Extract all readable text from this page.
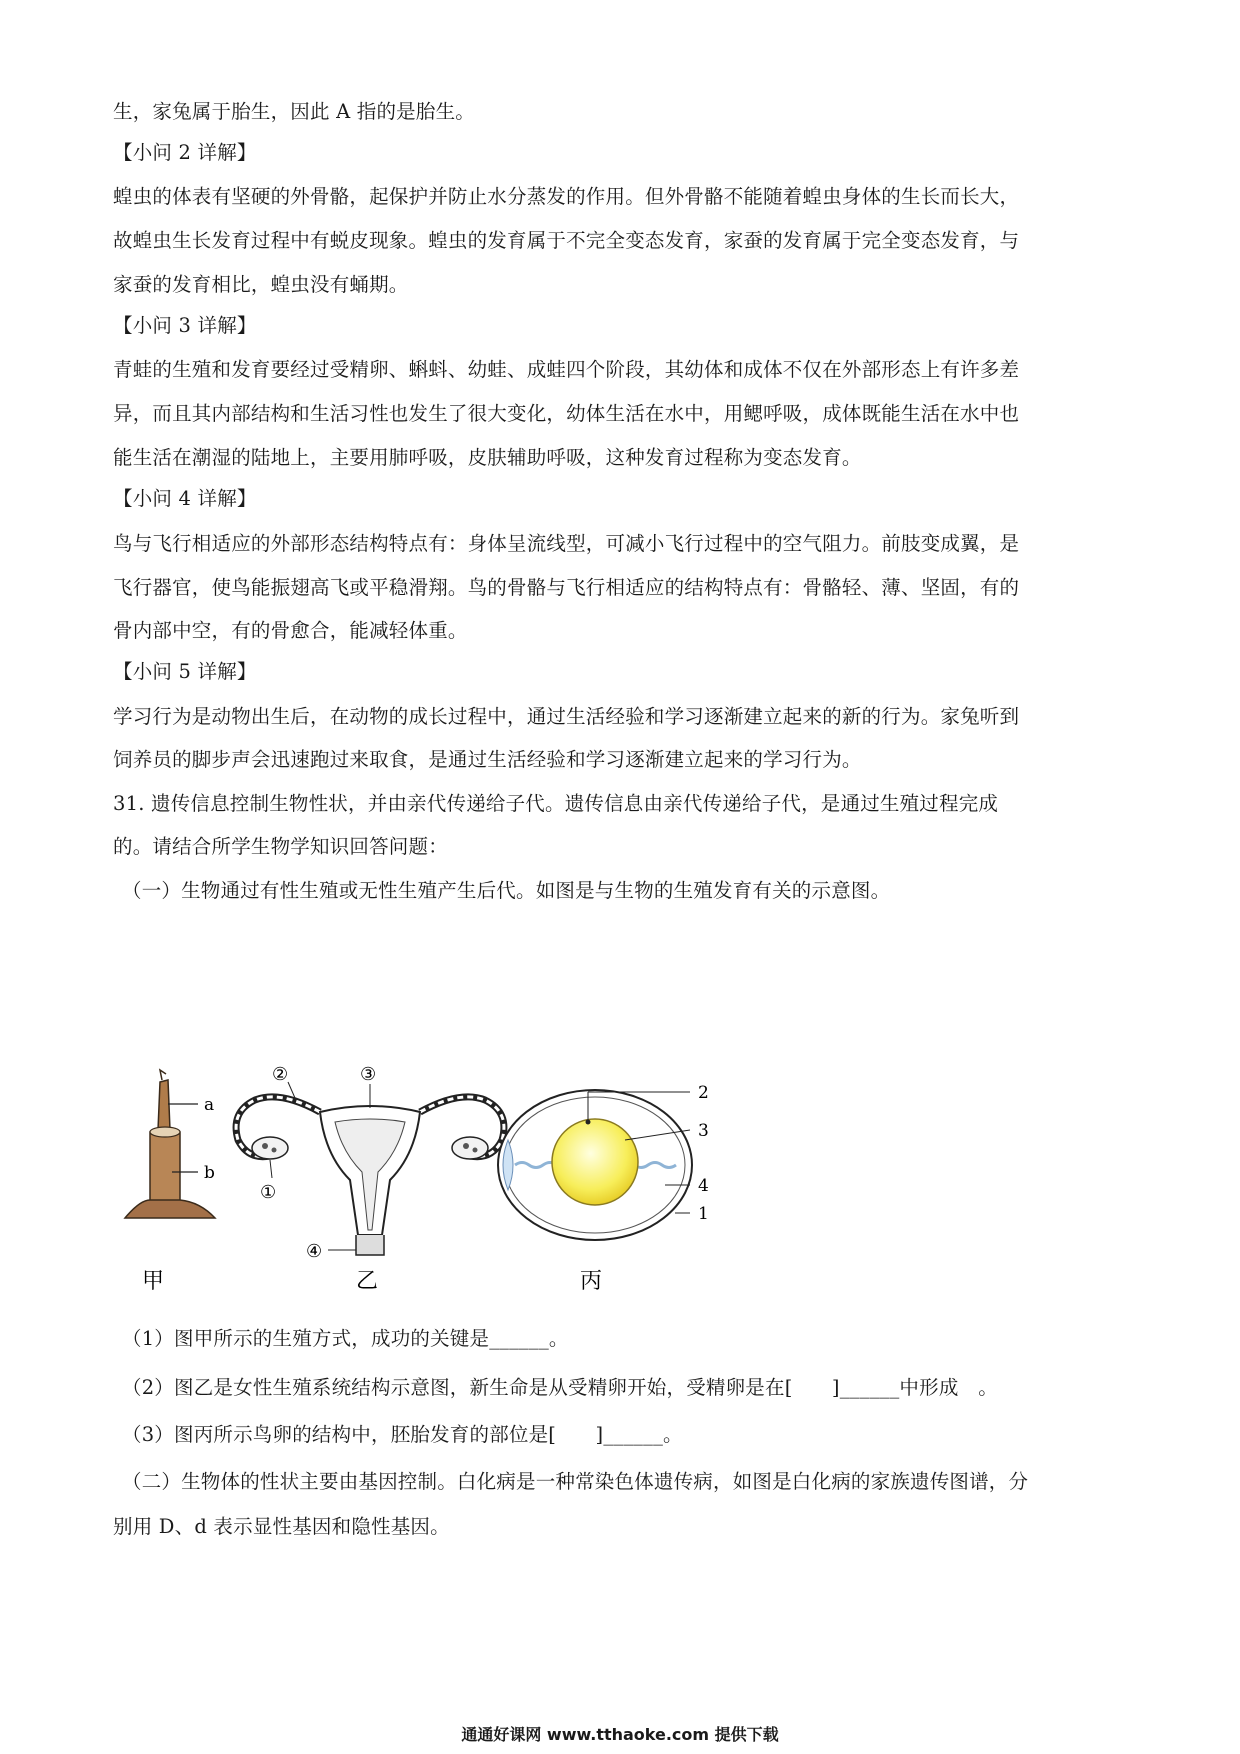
生，家兔属于胎生，因此 A 指的是胎生。
【小问 2 详解】
蝗虫的体表有坚硬的外骨骼，起保护并防止水分蒸发的作用。但外骨骼不能随着蝗虫身体的生长而长大，
故蝗虫生长发育过程中有蜕皮现象。蝗虫的发育属于不完全变态发育，家蚕的发育属于完全变态发育，与
家蚕的发育相比，蝗虫没有蛹期。
【小问 3 详解】
青蛙的生殖和发育要经过受精卵、蝌蚪、幼蛙、成蛙四个阶段，其幼体和成体不仅在外部形态上有许多差
异，而且其内部结构和生活习性也发生了很大变化，幼体生活在水中，用鳃呼吸，成体既能生活在水中也
能生活在潮湿的陆地上，主要用肺呼吸，皮肤辅助呼吸，这种发育过程称为变态发育。
【小问 4 详解】
鸟与飞行相适应的外部形态结构特点有：身体呈流线型，可减小飞行过程中的空气阻力。前肢变成翼，是
飞行器官，使鸟能振翅高飞或平稳滑翔。鸟的骨骼与飞行相适应的结构特点有：骨骼轻、薄、坚固，有的
骨内部中空，有的骨愈合，能减轻体重。
【小问 5 详解】
学习行为是动物出生后，在动物的成长过程中，通过生活经验和学习逐渐建立起来的新的行为。家兔听到
饲养员的脚步声会迅速跑过来取食，是通过生活经验和学习逐渐建立起来的学习行为。
31. 遗传信息控制生物性状，并由亲代传递给子代。遗传信息由亲代传递给子代，是通过生殖过程完成
的。请结合所学生物学知识回答问题：
（一）生物通过有性生殖或无性生殖产生后代。如图是与生物的生殖发育有关的示意图。
a
b
甲
②	③
①
④
乙
2
3
4
1
丙
（1）图甲所示的生殖方式，成功的关键是______。
（2）图乙是女性生殖系统结构示意图，新生命是从受精卵开始，受精卵是在[　　]______中形成　。
（3）图丙所示鸟卵的结构中，胚胎发育的部位是[　　]______。
（二）生物体的性状主要由基因控制。白化病是一种常染色体遗传病，如图是白化病的家族遗传图谱，分
别用 D、d 表示显性基因和隐性基因。
通通好课网 www.tthaoke.com 提供下载
